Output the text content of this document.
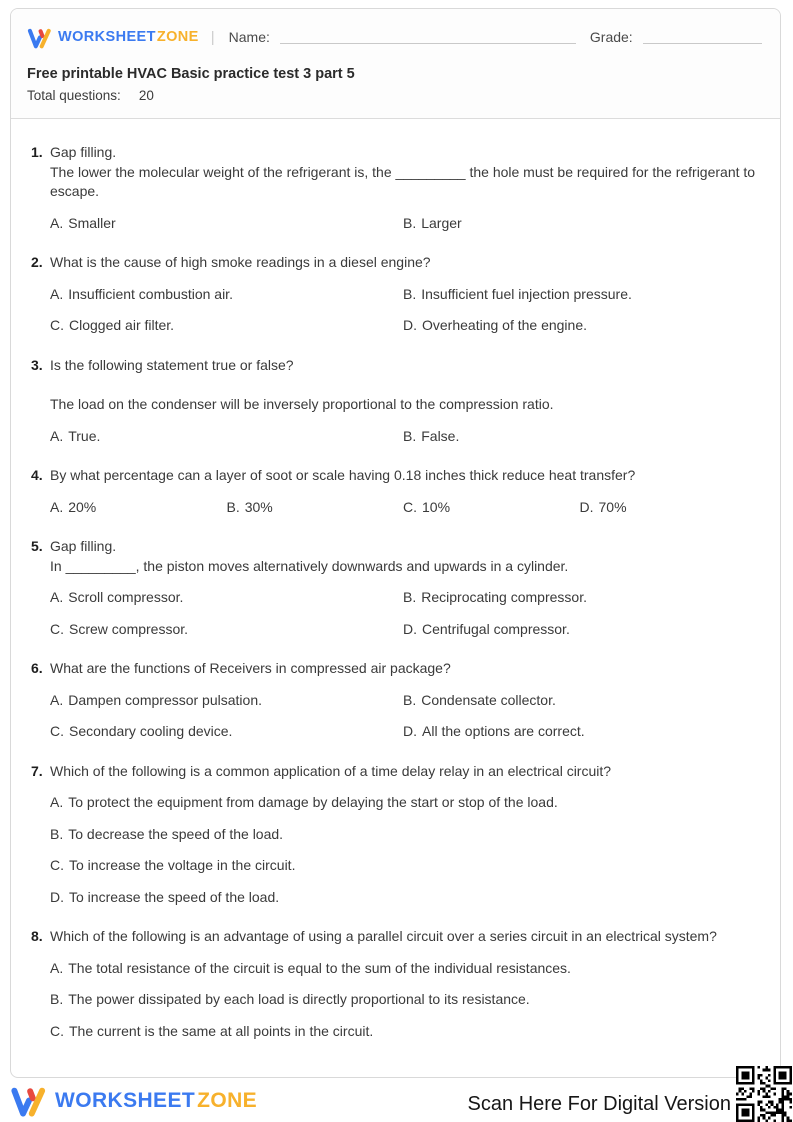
WORKSHEETZONE | Name:	Grade:
Free printable HVAC Basic practice test 3 part 5
Total questions: 20
1. Gap filling.

The lower the molecular weight of the refrigerant is, the _________ the hole must be required for the refrigerant to escape.

A. Smaller	B. Larger
2. What is the cause of high smoke readings in a diesel engine?

A. Insufficient combustion air.	B. Insufficient fuel injection pressure.
C. Clogged air filter.	D. Overheating of the engine.
3. Is the following statement true or false?

The load on the condenser will be inversely proportional to the compression ratio.

A. True.	B. False.
4. By what percentage can a layer of soot or scale having 0.18 inches thick reduce heat transfer?

A. 20%	B. 30%	C. 10%	D. 70%
5. Gap filling.

In _________, the piston moves alternatively downwards and upwards in a cylinder.

A. Scroll compressor.	B. Reciprocating compressor.
C. Screw compressor.	D. Centrifugal compressor.
6. What are the functions of Receivers in compressed air package?

A. Dampen compressor pulsation.	B. Condensate collector.
C. Secondary cooling device.	D. All the options are correct.
7. Which of the following is a common application of a time delay relay in an electrical circuit?

A. To protect the equipment from damage by delaying the start or stop of the load.
B. To decrease the speed of the load.
C. To increase the voltage in the circuit.
D. To increase the speed of the load.
8. Which of the following is an advantage of using a parallel circuit over a series circuit in an electrical system?

A. The total resistance of the circuit is equal to the sum of the individual resistances.
B. The power dissipated by each load is directly proportional to its resistance.
C. The current is the same at all points in the circuit.
WORKSHEETZONE	Scan Here For Digital Version
